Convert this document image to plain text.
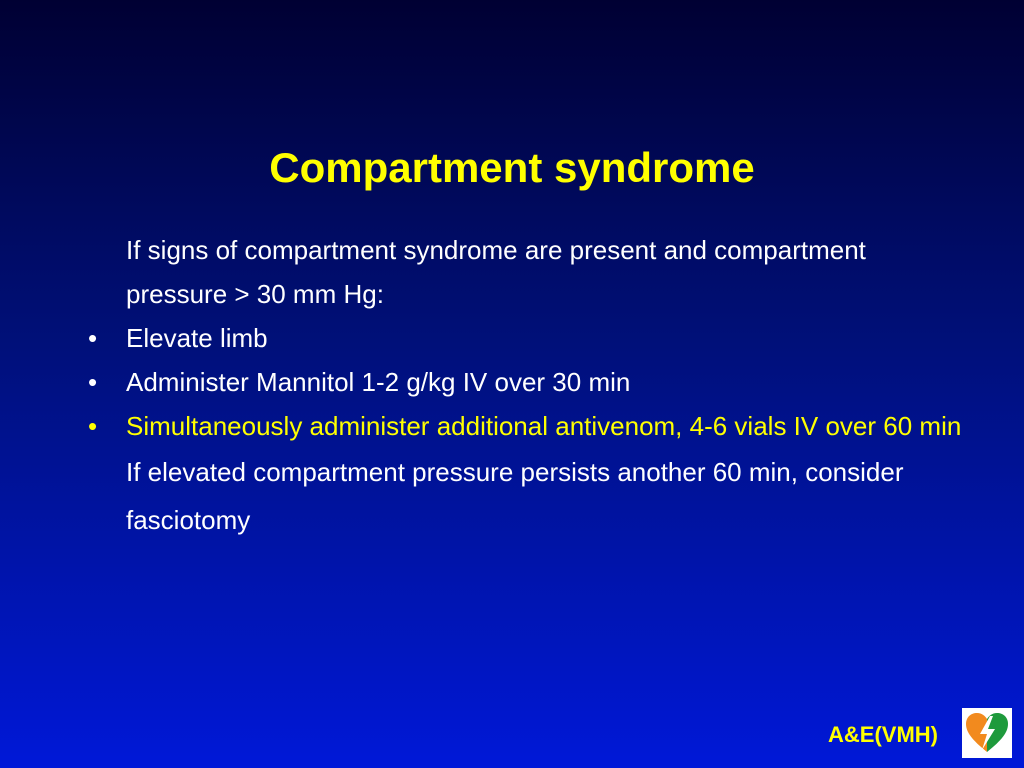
Compartment syndrome
If signs of compartment syndrome are present and compartment pressure > 30 mm Hg:
•	Elevate limb
•	Administer Mannitol 1-2 g/kg IV over 30 min
•	Simultaneously administer additional antivenom, 4-6 vials IV over 60 min
If elevated compartment pressure persists another 60 min, consider fasciotomy
A&E(VMH)
